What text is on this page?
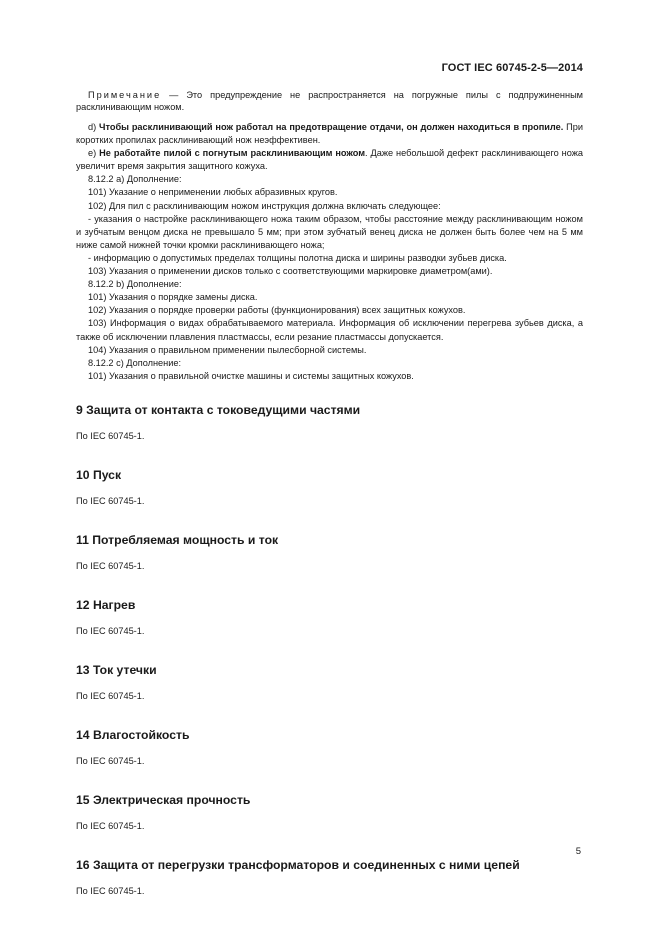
ГОСТ IEC 60745-2-5—2014

Примечание — Это предупреждение не распространяется на погружные пилы с подпружиненным расклинивающим ножом.

d) Чтобы расклинивающий нож работал на предотвращение отдачи, он должен находиться в пропиле. При коротких пропилах расклинивающий нож неэффективен.

e) Не работайте пилой с погнутым расклинивающим ножом. Даже небольшой дефект расклинивающего ножа увеличит время закрытия защитного кожуха.

8.12.2 a) Дополнение:

101) Указание о неприменении любых абразивных кругов.

102) Для пил с расклинивающим ножом инструкция должна включать следующее:

- указания о настройке расклинивающего ножа таким образом, чтобы расстояние между расклинивающим ножом и зубчатым венцом диска не превышало 5 мм; при этом зубчатый венец диска не должен быть более чем на 5 мм ниже самой нижней точки кромки расклинивающего ножа;

- информацию о допустимых пределах толщины полотна диска и ширины разводки зубьев диска.

103) Указания о применении дисков только с соответствующими маркировке диаметром(ами).

8.12.2 b) Дополнение:

101) Указания о порядке замены диска.

102) Указания о порядке проверки работы (функционирования) всех защитных кожухов.

103) Информация о видах обрабатываемого материала. Информация об исключении перегрева зубьев диска, а также об исключении плавления пластмассы, если резание пластмассы допускается.

104) Указания о правильном применении пылесборной системы.

8.12.2 c) Дополнение:

101) Указания о правильной очистке машины и системы защитных кожухов.

9 Защита от контакта с токоведущими частями

По IEC 60745-1.

10 Пуск

По IEC 60745-1.

11 Потребляемая мощность и ток

По IEC 60745-1.

12 Нагрев

По IEC 60745-1.

13 Ток утечки

По IEC 60745-1.

14 Влагостойкость

По IEC 60745-1.

15 Электрическая прочность

По IEC 60745-1.

16 Защита от перегрузки трансформаторов и соединенных с ними цепей

По IEC 60745-1.

5
